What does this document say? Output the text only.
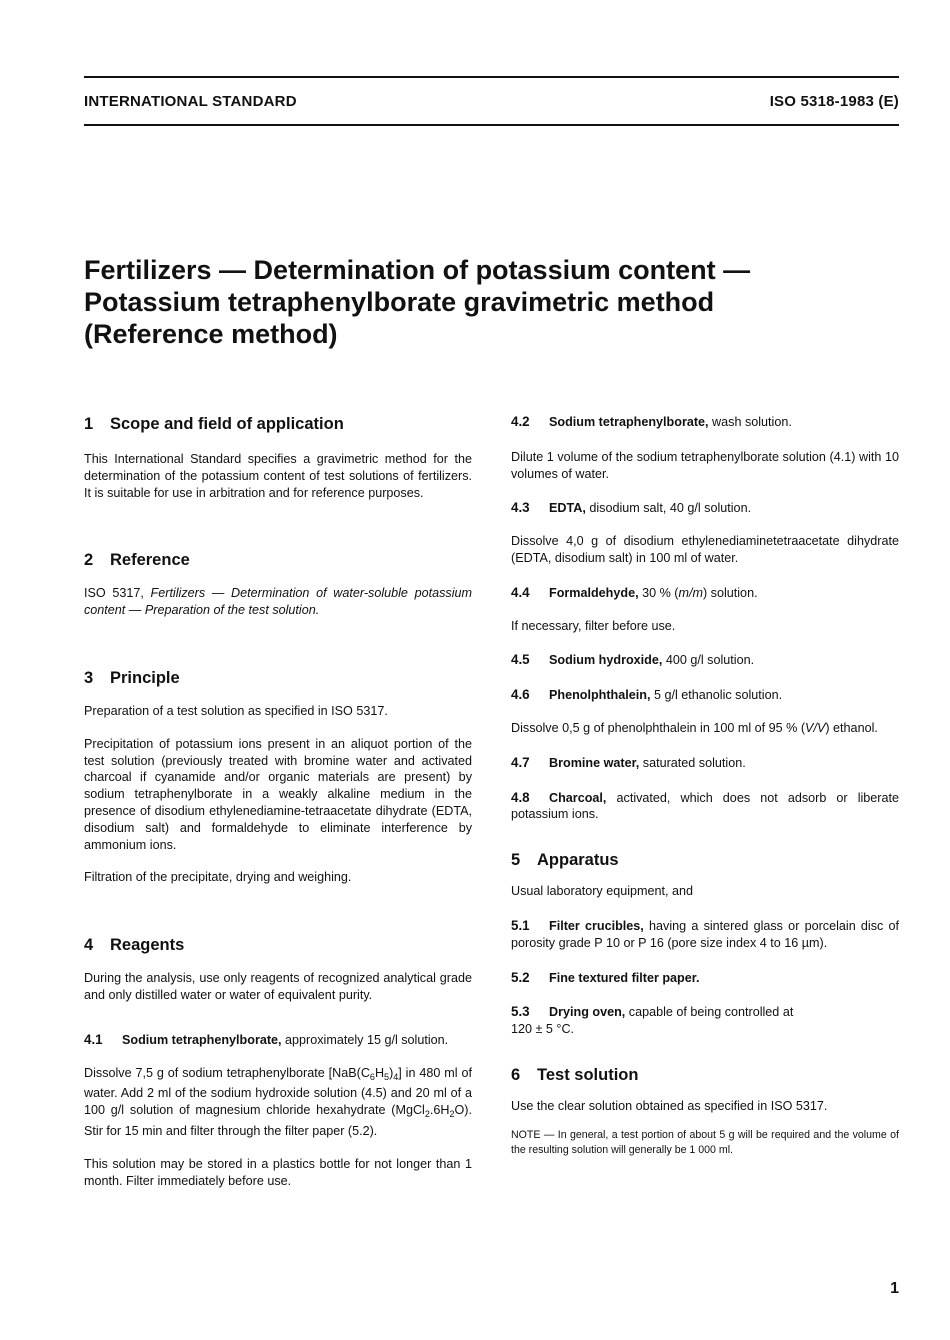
INTERNATIONAL STANDARD	ISO 5318-1983 (E)
Fertilizers — Determination of potassium content —
Potassium tetraphenylborate gravimetric method
(Reference method)
1 Scope and field of application

This International Standard specifies a gravimetric method for the determination of the potassium content of test solutions of fertilizers. It is suitable for use in arbitration and for reference purposes.

2 Reference

ISO 5317, Fertilizers — Determination of water-soluble potassium content — Preparation of the test solution.

3 Principle

Preparation of a test solution as specified in ISO 5317.

Precipitation of potassium ions present in an aliquot portion of the test solution (previously treated with bromine water and activated charcoal if cyanamide and/or organic materials are present) by sodium tetraphenylborate in a weakly alkaline medium in the presence of disodium ethylenediamine-tetraacetate dihydrate (EDTA, disodium salt) and formaldehyde to eliminate interference by ammonium ions.

Filtration of the precipitate, drying and weighing.

4 Reagents

During the analysis, use only reagents of recognized analytical grade and only distilled water or water of equivalent purity.

4.1 Sodium tetraphenylborate, approximately 15 g/l solution.

Dissolve 7,5 g of sodium tetraphenylborate $[NaB(C_6H_5)_4]$ in 480 ml of water. Add 2 ml of the sodium hydroxide solution (4.5) and 20 ml of a 100 g/l solution of magnesium chloride hexahydrate $(MgCl_2.6H_2O)$. Stir for 15 min and filter through the filter paper (5.2).

This solution may be stored in a plastics bottle for not longer than 1 month. Filter immediately before use.

4.2 Sodium tetraphenylborate, wash solution.

Dilute 1 volume of the sodium tetraphenylborate solution (4.1) with 10 volumes of water.

4.3 EDTA, disodium salt, 40 g/l solution.

Dissolve 4,0 g of disodium ethylenediaminetetraacetate dihydrate (EDTA, disodium salt) in 100 ml of water.

4.4 Formaldehyde, 30 % (m/m) solution.

If necessary, filter before use.

4.5 Sodium hydroxide, 400 g/l solution.

4.6 Phenolphthalein, 5 g/l ethanolic solution.

Dissolve 0,5 g of phenolphthalein in 100 ml of 95 % (V/V) ethanol.

4.7 Bromine water, saturated solution.

4.8 Charcoal, activated, which does not adsorb or liberate potassium ions.

5 Apparatus

Usual laboratory equipment, and

5.1 Filter crucibles, having a sintered glass or porcelain disc of porosity grade P 10 or P 16 (pore size index 4 to 16 µm).

5.2 Fine textured filter paper.

5.3 Drying oven, capable of being controlled at
120 ± 5 °C.

6 Test solution

Use the clear solution obtained as specified in ISO 5317.

NOTE — In general, a test portion of about 5 g will be required and the volume of the resulting solution will generally be 1 000 ml.

1
